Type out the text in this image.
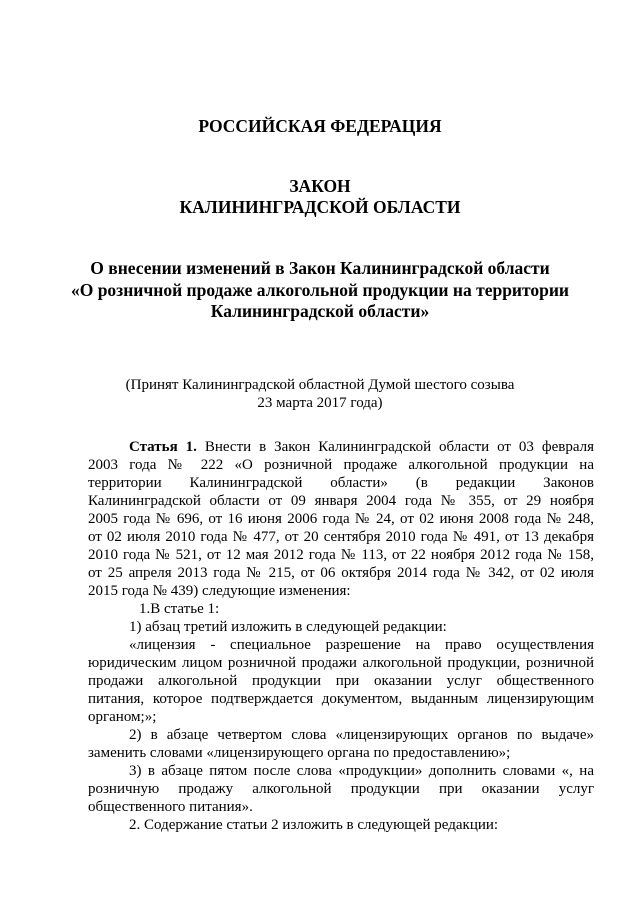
РОССИЙСКАЯ ФЕДЕРАЦИЯ
ЗАКОН
КАЛИНИНГРАДСКОЙ ОБЛАСТИ
О внесении изменений в Закон Калининградской области
«О розничной продаже алкогольной продукции на территории
Калининградской области»
(Принят Калининградской областной Думой шестого созыва
23 марта 2017 года)
Статья 1. Внести в Закон Калининградской области от 03 февраля
2003 года № 222 «О розничной продаже алкогольной продукции на
территории Калининградской области» (в редакции Законов
Калининградской области от 09 января 2004 года № 355, от 29 ноября
2005 года № 696, от 16 июня 2006 года № 24, от 02 июня 2008 года № 248,
от 02 июля 2010 года № 477, от 20 сентября 2010 года № 491, от 13 декабря
2010 года № 521, от 12 мая 2012 года № 113, от 22 ноября 2012 года № 158,
от 25 апреля 2013 года № 215, от 06 октября 2014 года № 342, от 02 июля
2015 года № 439) следующие изменения:
1.В статье 1:
1) абзац третий изложить в следующей редакции:
«лицензия - специальное разрешение на право осуществления
юридическим лицом розничной продажи алкогольной продукции, розничной
продажи алкогольной продукции при оказании услуг общественного
питания, которое подтверждается документом, выданным лицензирующим
органом;»;
2) в абзаце четвертом слова «лицензирующих органов по выдаче»
заменить словами «лицензирующего органа по предоставлению»;
3) в абзаце пятом после слова «продукции» дополнить словами «, на
розничную продажу алкогольной продукции при оказании услуг
общественного питания».
2. Содержание статьи 2 изложить в следующей редакции:
